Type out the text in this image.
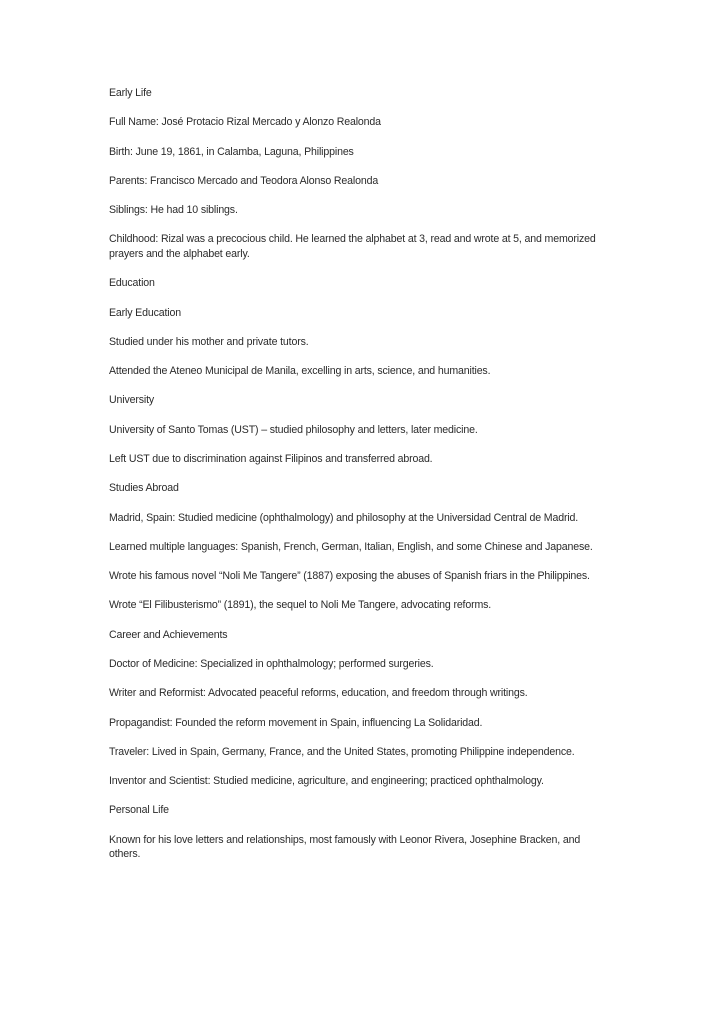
Early Life

Full Name: José Protacio Rizal Mercado y Alonzo Realonda

Birth: June 19, 1861, in Calamba, Laguna, Philippines

Parents: Francisco Mercado and Teodora Alonso Realonda

Siblings: He had 10 siblings.

Childhood: Rizal was a precocious child. He learned the alphabet at 3, read and wrote at 5, and memorized prayers and the alphabet early.

Education

Early Education

Studied under his mother and private tutors.

Attended the Ateneo Municipal de Manila, excelling in arts, science, and humanities.

University

University of Santo Tomas (UST) – studied philosophy and letters, later medicine.

Left UST due to discrimination against Filipinos and transferred abroad.

Studies Abroad

Madrid, Spain: Studied medicine (ophthalmology) and philosophy at the Universidad Central de Madrid.

Learned multiple languages: Spanish, French, German, Italian, English, and some Chinese and Japanese.

Wrote his famous novel “Noli Me Tangere” (1887) exposing the abuses of Spanish friars in the Philippines.

Wrote “El Filibusterismo” (1891), the sequel to Noli Me Tangere, advocating reforms.

Career and Achievements

Doctor of Medicine: Specialized in ophthalmology; performed surgeries.

Writer and Reformist: Advocated peaceful reforms, education, and freedom through writings.

Propagandist: Founded the reform movement in Spain, influencing La Solidaridad.

Traveler: Lived in Spain, Germany, France, and the United States, promoting Philippine independence.

Inventor and Scientist: Studied medicine, agriculture, and engineering; practiced ophthalmology.

Personal Life

Known for his love letters and relationships, most famously with Leonor Rivera, Josephine Bracken, and others.
